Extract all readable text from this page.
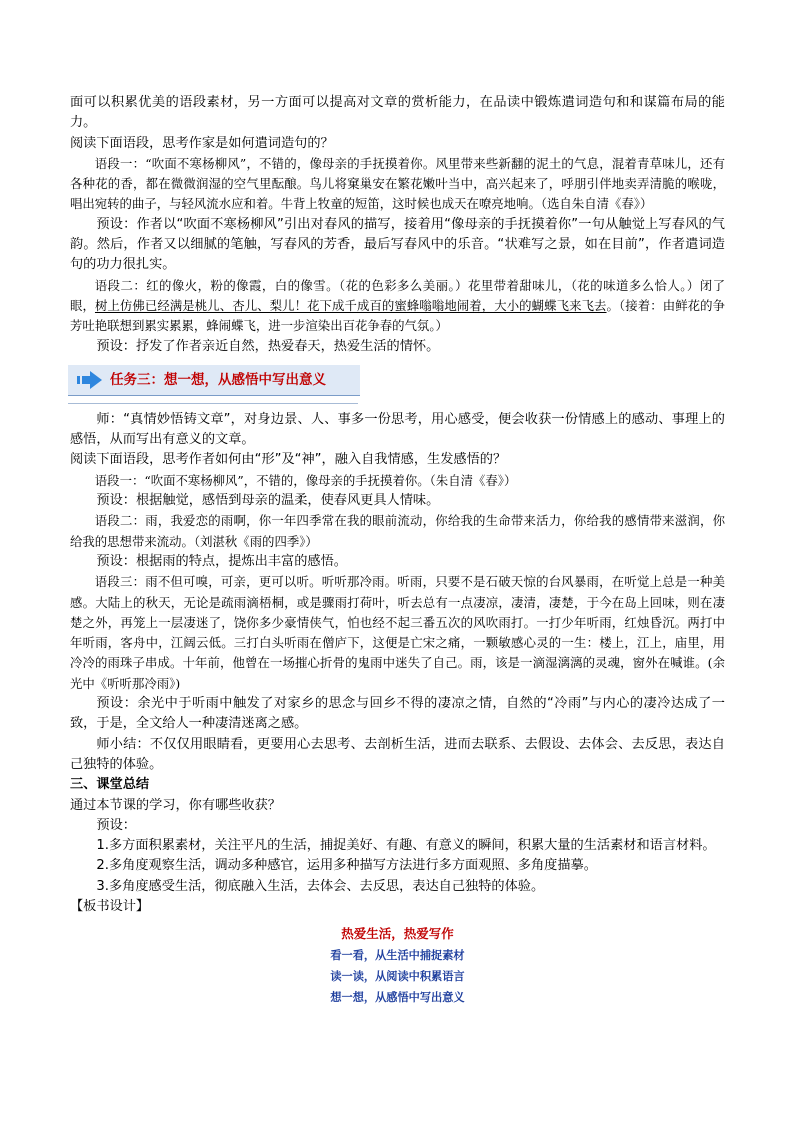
面可以积累优美的语段素材，另一方面可以提高对文章的赏析能力，在品读中锻炼遣词造句和和谋篇布局的能力。

阅读下面语段，思考作家是如何遣词造句的？

语段一：“吹面不寒杨柳风”，不错的，像母亲的手抚摸着你。风里带来些新翻的泥土的气息，混着青草味儿，还有各种花的香，都在微微润湿的空气里酝酿。鸟儿将窠巢安在繁花嫩叶当中，高兴起来了，呼朋引伴地卖弄清脆的喉咙，唱出宛转的曲子，与轻风流水应和着。牛背上牧童的短笛，这时候也成天在嘹亮地响。（选自朱自清《春》）

预设：作者以“吹面不寒杨柳风”引出对春风的描写，接着用“像母亲的手抚摸着你”一句从触觉上写春风的气韵。然后，作者又以细腻的笔触，写春风的芳香，最后写春风中的乐音。“状难写之景，如在目前”，作者遣词造句的功力很扎实。

语段二：红的像火，粉的像霞，白的像雪。（花的色彩多么美丽。）花里带着甜味儿，（花的味道多么恰人。）闭了眼，树上仿佛已经满是桃儿、杏儿、梨儿！花下成千成百的蜜蜂嗡嗡地闹着，大小的蝴蝶飞来飞去。（接着：由鲜花的争芳吐艳联想到累实累累，蜂闹蝶飞，进一步渲染出百花争春的气氛。）

预设：抒发了作者亲近自然，热爱春天，热爱生活的情怀。

任务三：想一想，从感悟中写出意义

师：“真情妙悟铸文章”，对身边景、人、事多一份思考，用心感受，便会收获一份情感上的感动、事理上的感悟，从而写出有意义的文章。

阅读下面语段，思考作者如何由“形”及“神”，融入自我情感，生发感悟的？

语段一：“吹面不寒杨柳风”，不错的，像母亲的手抚摸着你。（朱自清《春》）

预设：根据触觉，感悟到母亲的温柔，使春风更具人情味。

语段二：雨，我爱恋的雨啊，你一年四季常在我的眼前流动，你给我的生命带来活力，你给我的感情带来滋润，你给我的思想带来流动。（刘湛秋《雨的四季》）

预设：根据雨的特点，提炼出丰富的感悟。

语段三：雨不但可嗅，可亲，更可以听。听听那冷雨。听雨，只要不是石破天惊的台风暴雨，在听觉上总是一种美感。大陆上的秋天，无论是疏雨滴梧桐，或是骤雨打荷叶，听去总有一点凄凉，凄清，凄楚，于今在岛上回味，则在凄楚之外，再笼上一层凄迷了，饶你多少豪情侠气，怕也经不起三番五次的风吹雨打。一打少年听雨，红烛昏沉。两打中年听雨，客舟中，江阔云低。三打白头听雨在僧庐下，这便是亡宋之痛，一颗敏感心灵的一生：楼上，江上，庙里，用冷冷的雨珠子串成。十年前，他曾在一场摧心折骨的鬼雨中迷失了自己。雨，该是一滴湿漓漓的灵魂，窗外在喊谁。(余光中《听听那冷雨》)

预设：余光中于听雨中触发了对家乡的思念与回乡不得的凄凉之情，自然的“冷雨”与内心的凄冷达成了一致，于是，全文给人一种凄清迷离之感。

师小结：不仅仅用眼睛看，更要用心去思考、去剖析生活，进而去联系、去假设、去体会、去反思，表达自己独特的体验。

三、课堂总结

通过本节课的学习，你有哪些收获？

预设：

1.多方面积累素材，关注平凡的生活，捕捉美好、有趣、有意义的瞬间，积累大量的生活素材和语言材料。

2.多角度观察生活，调动多种感官，运用多种描写方法进行多方面观照、多角度描摹。

3.多角度感受生活，彻底融入生活，去体会、去反思，表达自己独特的体验。

【板书设计】

热爱生活，热爱写作
看一看，从生活中捕捉素材
读一读，从阅读中积累语言
想一想，从感悟中写出意义
